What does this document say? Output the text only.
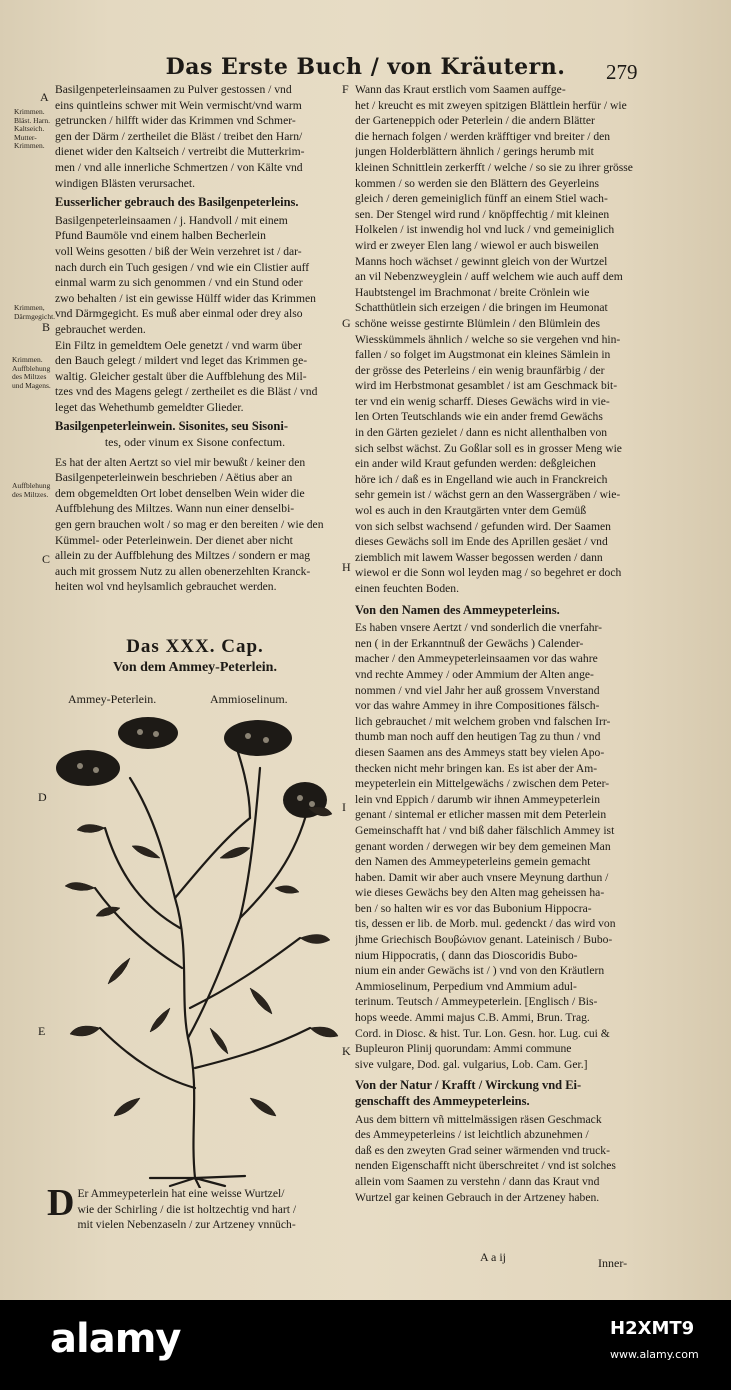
Das Erste Buch / von Kräutern.	279
A
Krimmen. Bläst. Harn. Kaltseich. Mutter-Krimmen.
Krimmen, Därmgegicht.
B
Krimmen. Auffblehung des Miltzes und Magens.
Auffblehung des Miltzes.
C
D
E

Basilgenpeterleinsaamen zu Pulver gestossen / vnd

eins quintleins schwer mit Wein vermischt/vnd warm

getruncken / hilfft wider das Krimmen vnd Schmer-

gen der Därm / zertheilet die Bläst / treibet den Harn/

dienet wider den Kaltseich / vertreibt die Mutterkrim-

men / vnd alle innerliche Schmertzen / von Kälte vnd

windigen Blästen verursachet.

Eusserlicher gebrauch des Basilgenpeterleins.

Basilgenpeterleinsaamen / j. Handvoll / mit einem

Pfund Baumöle vnd einem halben Becherlein

voll Weins gesotten / biß der Wein verzehret ist / dar-

nach durch ein Tuch gesigen / vnd wie ein Clistier auff

einmal warm zu sich genommen / vnd ein Stund oder

zwo behalten / ist ein gewisse Hülff wider das Krimmen

vnd Därmgegicht. Es muß aber einmal oder drey also

gebrauchet werden.

Ein Filtz in gemeldtem Oele genetzt / vnd warm über

den Bauch gelegt / mildert vnd leget das Krimmen ge-

waltig. Gleicher gestalt über die Auffblehung des Mil-

tzes vnd des Magens gelegt / zertheilet es die Bläst / vnd

leget das Wehethumb gemeldter Glieder.

Basilgenpeterleinwein. Sisonites, seu Sisoni-

tes, oder vinum ex Sisone confectum.

Es hat der alten Aertzt so viel mir bewußt / keiner den

Basilgenpeterleinwein beschrieben / Aëtius aber an

dem obgemeldten Ort lobet denselben Wein wider die

Auffblehung des Miltzes. Wann nun einer denselbi-

gen gern brauchen wolt / so mag er den bereiten / wie den

Kümmel- oder Peterleinwein. Der dienet aber nicht

allein zu der Auffblehung des Miltzes / sondern er mag

auch mit grossem Nutz zu allen obenerzehlten Kranck-

heiten wol vnd heylsamlich gebrauchet werden.

Das XXX. Cap.
Von dem Ammey-Peterlein.
Ammey-Peterlein.	Ammioselinum.
D Er Ammeypeterlein hat eine weisse Wurtzel/

wie der Schirling / die ist holtzechtig vnd hart /

mit vielen Nebenzaseln / zur Artzeney vnnüch-

F
G
H
I
K

Wann das Kraut erstlich vom Saamen auffge-

het / kreucht es mit zweyen spitzigen Blättlein herfür / wie

der Garteneppich oder Peterlein / die andern Blätter

die hernach folgen / werden kräfftiger vnd breiter / den

jungen Holderblättern ähnlich / gerings herumb mit

kleinen Schnittlein zerkerfft / welche / so sie zu ihrer grösse

kommen / so werden sie den Blättern des Geyerleins

gleich / deren gemeiniglich fünff an einem Stiel wach-

sen. Der Stengel wird rund / knöpffechtig / mit kleinen

Holkelen / ist inwendig hol vnd luck / vnd gemeiniglich

wird er zweyer Elen lang / wiewol er auch bisweilen

Manns hoch wächset / gewinnt gleich von der Wurtzel

an vil Nebenzweyglein / auff welchem wie auch auff dem

Haubtstengel im Brachmonat / breite Crönlein wie

Schatthütlein sich erzeigen / die bringen im Heumonat

schöne weisse gestirnte Blümlein / den Blümlein des

Wiesskümmels ähnlich / welche so sie vergehen vnd hin-

fallen / so folget im Augstmonat ein kleines Sämlein in

der grösse des Peterleins / ein wenig braunfärbig / der

wird im Herbstmonat gesamblet / ist am Geschmack bit-

ter vnd ein wenig scharff. Dieses Gewächs wird in vie-

len Orten Teutschlands wie ein ander fremd Gewächs

in den Gärten gezielet / dann es nicht allenthalben von

sich selbst wächst. Zu Goßlar soll es in grosser Meng wie

ein ander wild Kraut gefunden werden: deßgleichen

höre ich / daß es in Engelland wie auch in Franckreich

sehr gemein ist / wächst gern an den Wassergräben / wie-

wol es auch in den Krautgärten vnter dem Gemüß

von sich selbst wachsend / gefunden wird. Der Saamen

dieses Gewächs soll im Ende des Aprillen gesäet / vnd

ziemblich mit lawem Wasser begossen werden / dann

wiewol er die Sonn wol leyden mag / so begehret er doch

einen feuchten Boden.

Von den Namen des Ammeypeterleins.

Es haben vnsere Aertzt / vnd sonderlich die vnerfahr-

nen ( in der Erkanntnuß der Gewächs ) Calender-

macher / den Ammeypeterleinsaamen vor das wahre

vnd rechte Ammey / oder Ammium der Alten ange-

nommen / vnd viel Jahr her auß grossem Vnverstand

vor das wahre Ammey in ihre Compositiones fälsch-

lich gebrauchet / mit welchem groben vnd falschen Irr-

thumb man noch auff den heutigen Tag zu thun / vnd

diesen Saamen ans des Ammeys statt bey vielen Apo-

thecken nicht mehr bringen kan. Es ist aber der Am-

meypeterlein ein Mittelgewächs / zwischen dem Peter-

lein vnd Eppich / darumb wir ihnen Ammeypeterlein

genant / sintemal er etlicher massen mit dem Peterlein

Gemeinschafft hat / vnd biß daher fälschlich Ammey ist

genant worden / derwegen wir bey dem gemeinen Man

den Namen des Ammeypeterleins gemein gemacht

haben. Damit wir aber auch vnsere Meynung darthun /

wie dieses Gewächs bey den Alten mag geheissen ha-

ben / so halten wir es vor das Bubonium Hippocra-

tis, dessen er lib. de Morb. mul. gedenckt / das wird von

jhme Griechisch Βουβώνιον genant. Lateinisch / Bubo-

nium Hippocratis, ( dann das Dioscoridis Bubo-

nium ein ander Gewächs ist / ) vnd von den Kräutlern

Ammioselinum, Perpedium vnd Ammium adul-

terinum. Teutsch / Ammeypeterlein. [Englisch / Bis-

hops weede. Ammi majus C.B. Ammi, Brun. Trag.

Cord. in Diosc. & hist. Tur. Lon. Gesn. hor. Lug. cui &

Bupleuron Plinij quorundam: Ammi commune

sive vulgare, Dod. gal. vulgarius, Lob. Cam. Ger.]

Von der Natur / Krafft / Wirckung vnd Ei-

genschafft des Ammeypeterleins.

Aus dem bittern vñ mittelmässigen räsen Geschmack

des Ammeypeterleins / ist leichtlich abzunehmen /

daß es den zweyten Grad seiner wärmenden vnd truck-

nenden Eigenschafft nicht überschreitet / vnd ist solches

allein vom Saamen zu verstehn / dann das Kraut vnd

Wurtzel gar keinen Gebrauch in der Artzeney haben.

A a ij	Inner-
alamy	H2XMT9
www.alamy.com
